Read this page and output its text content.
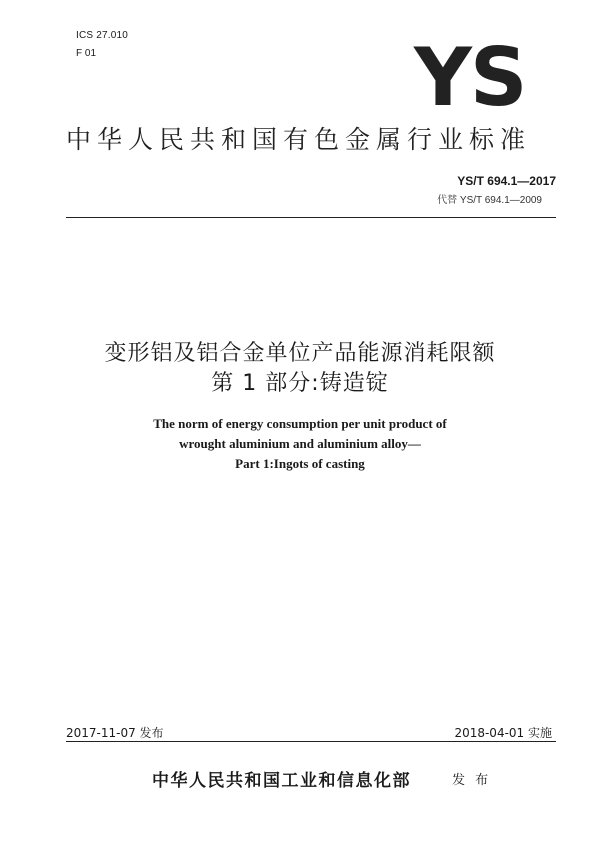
ICS 27.010
F 01	YS
中华人民共和国有色金属行业标准
YS/T 694.1—2017
代替 YS/T 694.1—2009
变形铝及铝合金单位产品能源消耗限额
第 1 部分:铸造锭
The norm of energy consumption per unit product of
wrought aluminium and aluminium alloy—
Part 1:Ingots of casting
2017-11-07 发布	2018-04-01 实施
中华人民共和国工业和信息化部	发 布
